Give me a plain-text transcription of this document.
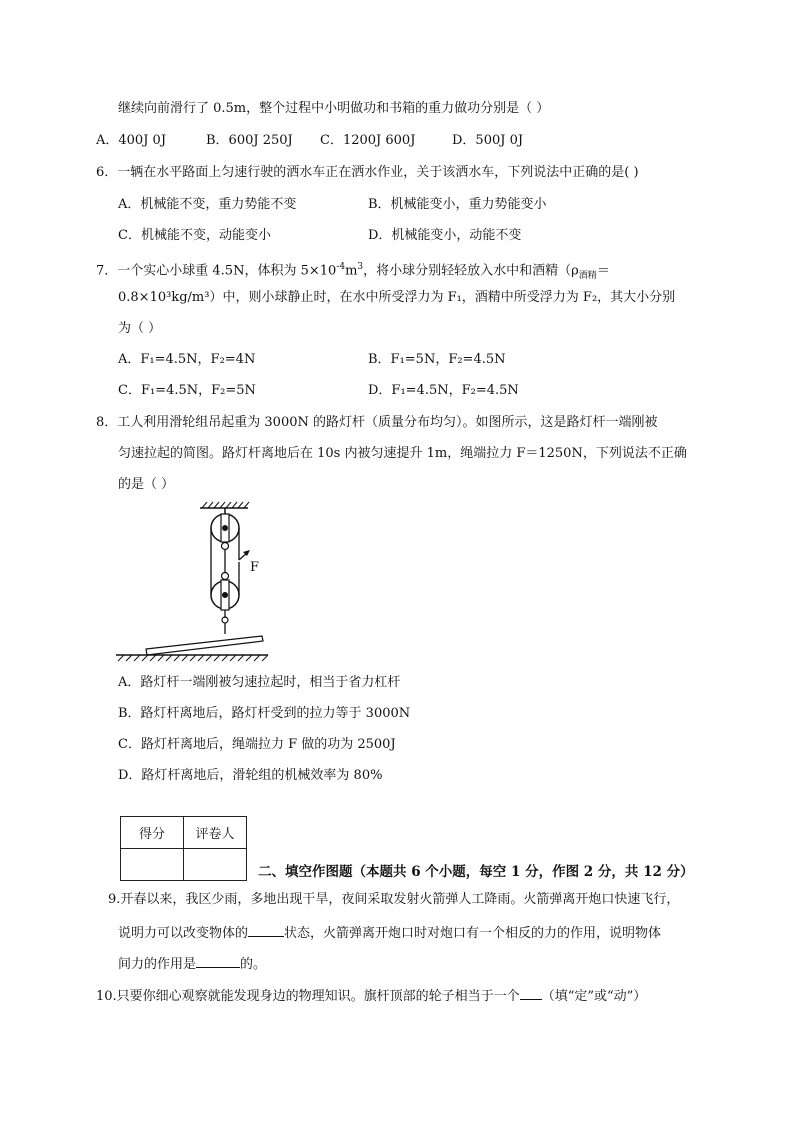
继续向前滑行了 0.5m，整个过程中小明做功和书箱的重力做功分别是（ ）
A．400J 0J	B．600J 250J C．1200J 600J	D．500J 0J
6．一辆在水平路面上匀速行驶的洒水车正在洒水作业，关于该洒水车，下列说法中正确的是( )
A．机械能不变，重力势能不变	B．机械能变小，重力势能变小
C．机械能不变，动能变小	D．机械能变小，动能不变
7．一个实心小球重 4.5N，体积为 $5\times 10^{-4}m^3$，将小球分别轻轻放入水中和酒精（$\rho_{酒精}=$
0.8×10³kg/m³）中，则小球静止时，在水中所受浮力为 F₁，酒精中所受浮力为 F₂，其大小分别
为（ ）
A．F₁=4.5N，F₂=4N	B．F₁=5N，F₂=4.5N
C．F₁=4.5N，F₂=5N	D．F₁=4.5N，F₂=4.5N
8．工人利用滑轮组吊起重为 3000N 的路灯杆（质量分布均匀）。如图所示，这是路灯杆一端刚被
匀速拉起的简图。路灯杆离地后在 10s 内被匀速提升 1m，绳端拉力 F＝1250N，下列说法不正确
的是（ ）
F
A．路灯杆一端刚被匀速拉起时，相当于省力杠杆
B．路灯杆离地后，路灯杆受到的拉力等于 3000N
C．路灯杆离地后，绳端拉力 F 做的功为 2500J
D．路灯杆离地后，滑轮组的机械效率为 80%
得分	评卷人

二、填空作图题（本题共 6 个小题，每空 1 分，作图 2 分，共 12 分）
9.开春以来，我区少雨，多地出现干旱，夜间采取发射火箭弹人工降雨。火箭弹离开炮口快速飞行，
说明力可以改变物体的	状态，火箭弹离开炮口时对炮口有一个相反的力的作用，说明物体
间力的作用是	的。
10.只要你细心观察就能发现身边的物理知识。旗杆顶部的轮子相当于一个 （填“定”或“动”）
